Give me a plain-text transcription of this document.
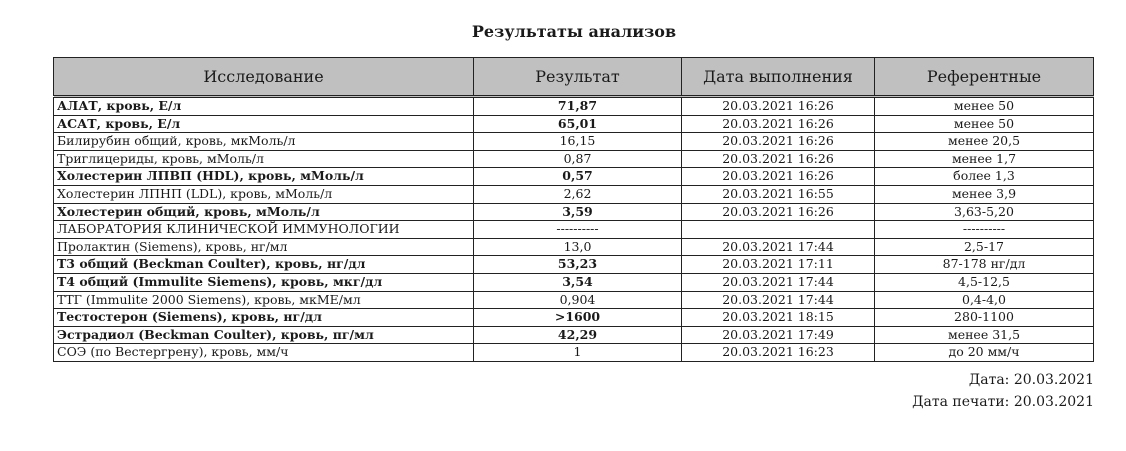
Результаты анализов
Исследование	Результат	Дата выполнения	Референтные
АЛАТ, кровь, Е/л	71,87	20.03.2021 16:26	менее 50
АСАТ, кровь, Е/л	65,01	20.03.2021 16:26	менее 50
Билирубин общий, кровь, мкМоль/л	16,15	20.03.2021 16:26	менее 20,5
Триглицериды, кровь, мМоль/л	0,87	20.03.2021 16:26	менее 1,7
Холестерин ЛПВП (HDL), кровь, мМоль/л	0,57	20.03.2021 16:26	более 1,3
Холестерин ЛПНП (LDL), кровь, мМоль/л	2,62	20.03.2021 16:55	менее 3,9
Холестерин общий, кровь, мМоль/л	3,59	20.03.2021 16:26	3,63-5,20
ЛАБОРАТОРИЯ КЛИНИЧЕСКОЙ ИММУНОЛОГИИ	----------		----------
Пролактин (Siemens), кровь, нг/мл	13,0	20.03.2021 17:44	2,5-17
Т3 общий (Beckman Coulter), кровь, нг/дл	53,23	20.03.2021 17:11	87-178 нг/дл
Т4 общий (Immulite Siemens), кровь, мкг/дл	3,54	20.03.2021 17:44	4,5-12,5
ТТГ (Immulite 2000 Siemens), кровь, мкМЕ/мл	0,904	20.03.2021 17:44	0,4-4,0
Тестостерон (Siemens), кровь, нг/дл	>1600	20.03.2021 18:15	280-1100
Эстрадиол (Beckman Coulter), кровь, пг/мл	42,29	20.03.2021 17:49	менее 31,5
СОЭ (по Вестергрену), кровь, мм/ч	1	20.03.2021 16:23	до 20 мм/ч
Дата: 20.03.2021
Дата печати: 20.03.2021
